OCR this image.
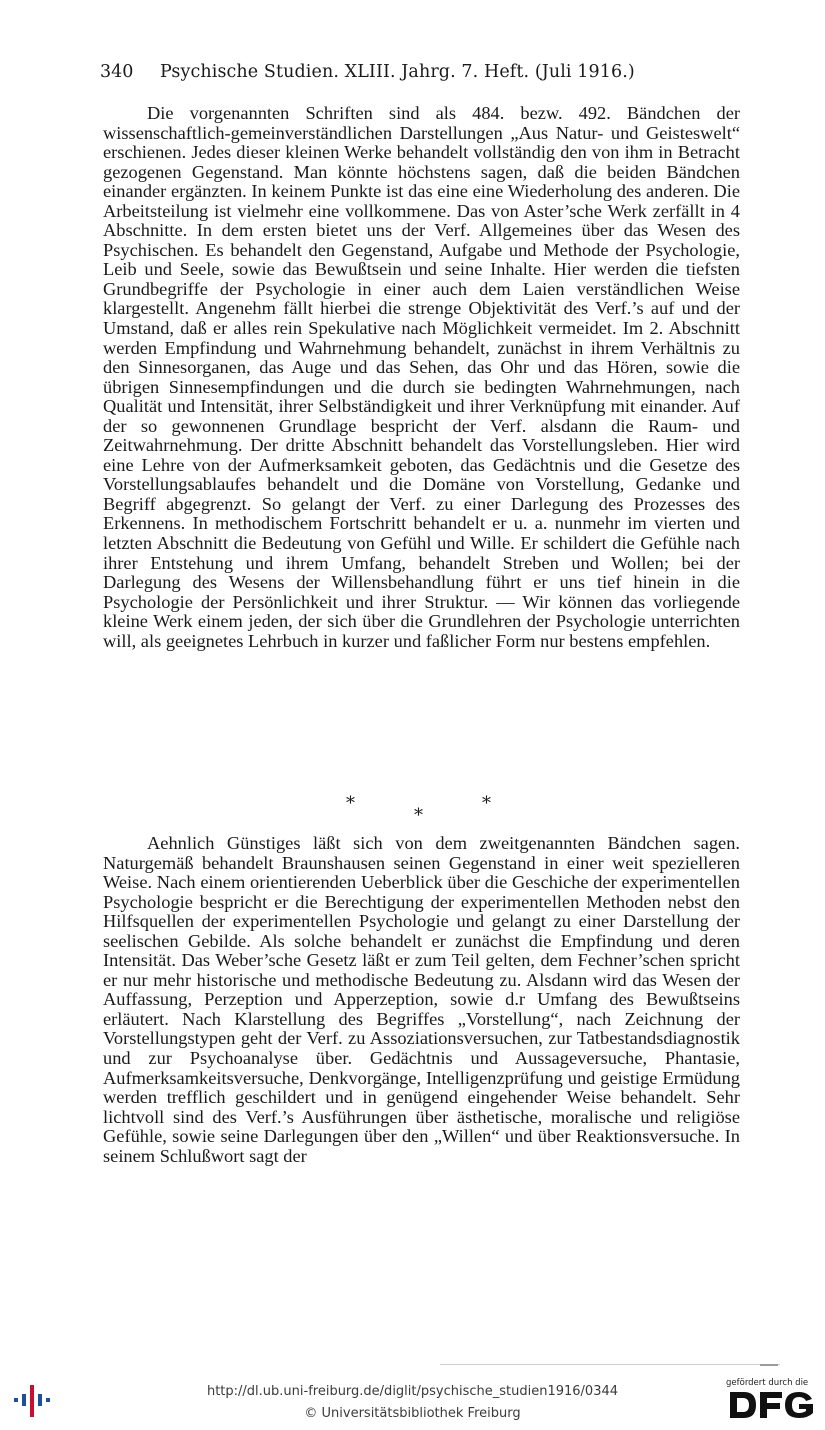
340 Psychische Studien. XLIII. Jahrg. 7. Heft. (Juli 1916.)

Die vorgenannten Schriften sind als 484. bezw. 492. Bändchen der wissenschaftlich-gemeinverständlichen Darstellungen „Aus Natur- und Geisteswelt“ erschienen. Jedes dieser kleinen Werke behandelt vollständig den von ihm in Betracht gezogenen Gegenstand. Man könnte höchstens sagen, daß die beiden Bändchen einander ergänzten. In keinem Punkte ist das eine eine Wiederholung des anderen. Die Arbeitsteilung ist vielmehr eine vollkommene. Das von Aster’sche Werk zerfällt in 4 Abschnitte. In dem ersten bietet uns der Verf. Allgemeines über das Wesen des Psychischen. Es behandelt den Gegenstand, Aufgabe und Methode der Psychologie, Leib und Seele, sowie das Bewußtsein und seine Inhalte. Hier werden die tiefsten Grundbegriffe der Psychologie in einer auch dem Laien verständlichen Weise klargestellt. Angenehm fällt hierbei die strenge Objektivität des Verf.’s auf und der Umstand, daß er alles rein Spekulative nach Möglichkeit vermeidet. Im 2. Abschnitt werden Empfindung und Wahrnehmung behandelt, zunächst in ihrem Verhältnis zu den Sinnesorganen, das Auge und das Sehen, das Ohr und das Hören, sowie die übrigen Sinnesempfindungen und die durch sie bedingten Wahrnehmungen, nach Qualität und Intensität, ihrer Selbständigkeit und ihrer Verknüpfung mit einander. Auf der so gewonnenen Grundlage bespricht der Verf. alsdann die Raum- und Zeitwahrnehmung. Der dritte Abschnitt behandelt das Vorstellungsleben. Hier wird eine Lehre von der Aufmerksamkeit geboten, das Gedächtnis und die Gesetze des Vorstellungsablaufes behandelt und die Domäne von Vorstellung, Gedanke und Begriff abgegrenzt. So gelangt der Verf. zu einer Darlegung des Prozesses des Erkennens. In methodischem Fortschritt behandelt er u. a. nunmehr im vierten und letzten Abschnitt die Bedeutung von Gefühl und Wille. Er schildert die Gefühle nach ihrer Entstehung und ihrem Umfang, behandelt Streben und Wollen; bei der Darlegung des Wesens der Willensbehandlung führt er uns tief hinein in die Psychologie der Persönlichkeit und ihrer Struktur. — Wir können das vorliegende kleine Werk einem jeden, der sich über die Grundlehren der Psychologie unterrichten will, als geeignetes Lehrbuch in kurzer und faßlicher Form nur bestens empfehlen.

*
*
*

Aehnlich Günstiges läßt sich von dem zweitgenannten Bändchen sagen. Naturgemäß behandelt Braunshausen seinen Gegenstand in einer weit spezielleren Weise. Nach einem orientierenden Ueberblick über die Geschiche der experimentellen Psychologie bespricht er die Berechtigung der experimentellen Methoden nebst den Hilfsquellen der experimentellen Psychologie und gelangt zu einer Darstellung der seelischen Gebilde. Als solche behandelt er zunächst die Empfindung und deren Intensität. Das Weber’sche Gesetz läßt er zum Teil gelten, dem Fechner’schen spricht er nur mehr historische und methodische Bedeutung zu. Alsdann wird das Wesen der Auffassung, Perzeption und Apperzeption, sowie d.r Umfang des Bewußtseins erläutert. Nach Klarstellung des Begriffes „Vorstellung“, nach Zeichnung der Vorstellungstypen geht der Verf. zu Assoziationsversuchen, zur Tatbestandsdiagnostik und zur Psychoanalyse über. Gedächtnis und Aussageversuche, Phantasie, Aufmerksamkeitsversuche, Denkvorgänge, Intelligenzprüfung und geistige Ermüdung werden trefflich geschildert und in genügend eingehender Weise behandelt. Sehr lichtvoll sind des Verf.’s Ausführungen über ästhetische, moralische und religiöse Gefühle, sowie seine Darlegungen über den „Willen“ und über Reaktionsversuche. In seinem Schlußwort sagt der

http://dl.ub.uni-freiburg.de/diglit/psychische_studien1916/0344
© Universitätsbibliothek Freiburg
gefördert durch die
